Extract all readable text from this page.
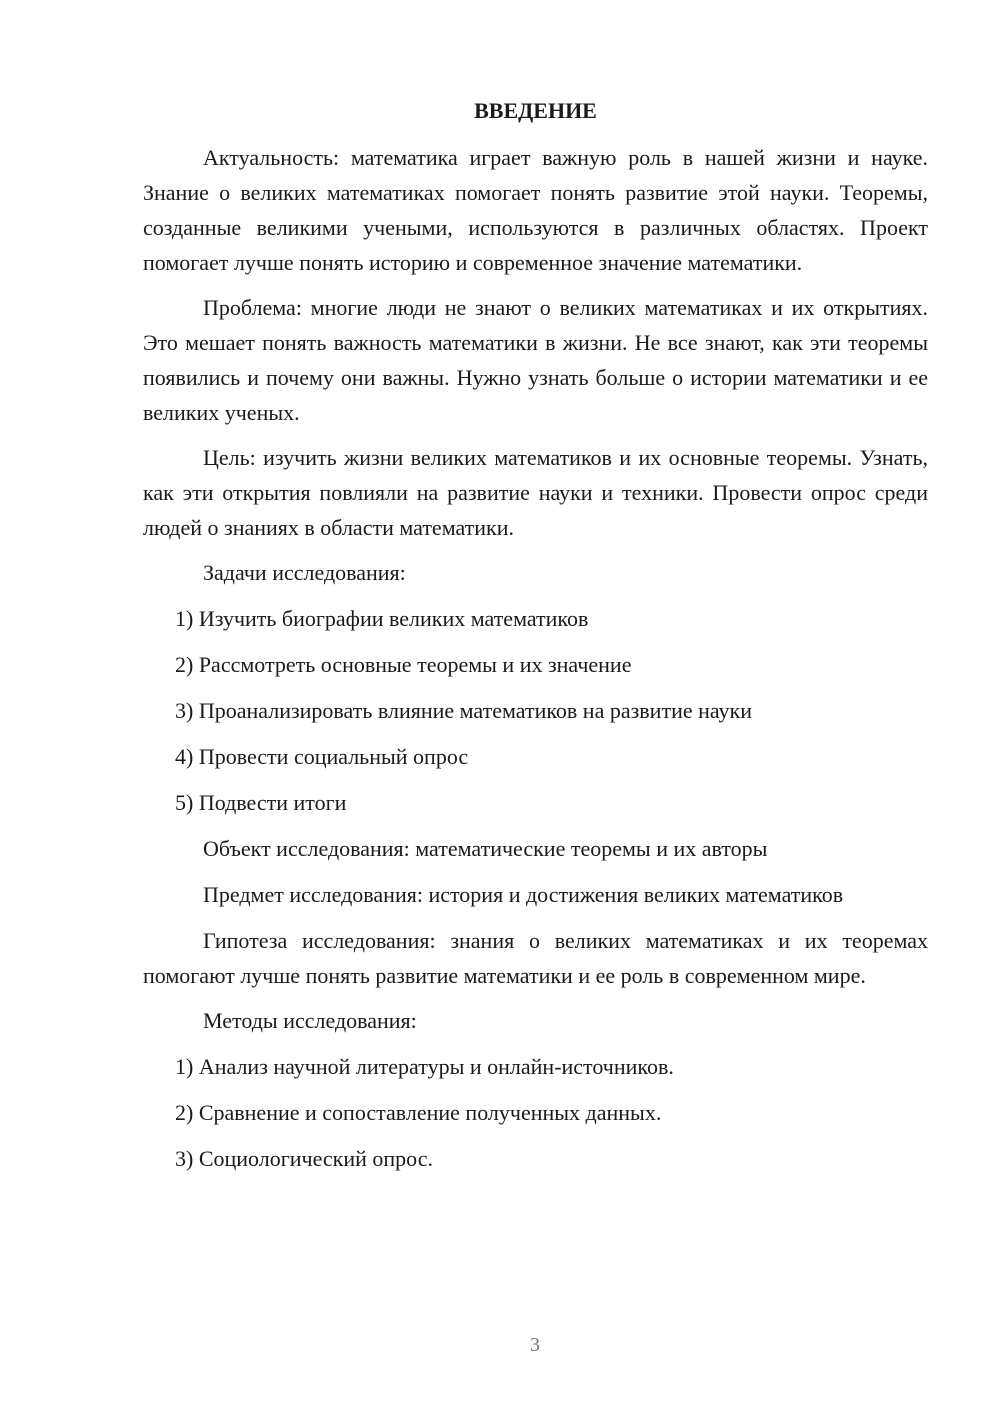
ВВЕДЕНИЕ

Актуальность: математика играет важную роль в нашей жизни и науке. Знание о великих математиках помогает понять развитие этой науки. Теоремы, созданные великими учеными, используются в различных областях. Проект помогает лучше понять историю и современное значение математики.

Проблема: многие люди не знают о великих математиках и их открытиях. Это мешает понять важность математики в жизни. Не все знают, как эти теоремы появились и почему они важны. Нужно узнать больше о истории математики и ее великих ученых.

Цель: изучить жизни великих математиков и их основные теоремы. Узнать, как эти открытия повлияли на развитие науки и техники. Провести опрос среди людей о знаниях в области математики.

Задачи исследования:

1) Изучить биографии великих математиков
2) Рассмотреть основные теоремы и их значение
3) Проанализировать влияние математиков на развитие науки
4) Провести социальный опрос
5) Подвести итоги

Объект исследования: математические теоремы и их авторы

Предмет исследования: история и достижения великих математиков

Гипотеза исследования: знания о великих математиках и их теоремах помогают лучше понять развитие математики и ее роль в современном мире.

Методы исследования:

1) Анализ научной литературы и онлайн-источников.
2) Сравнение и сопоставление полученных данных.
3) Социологический опрос.
3
